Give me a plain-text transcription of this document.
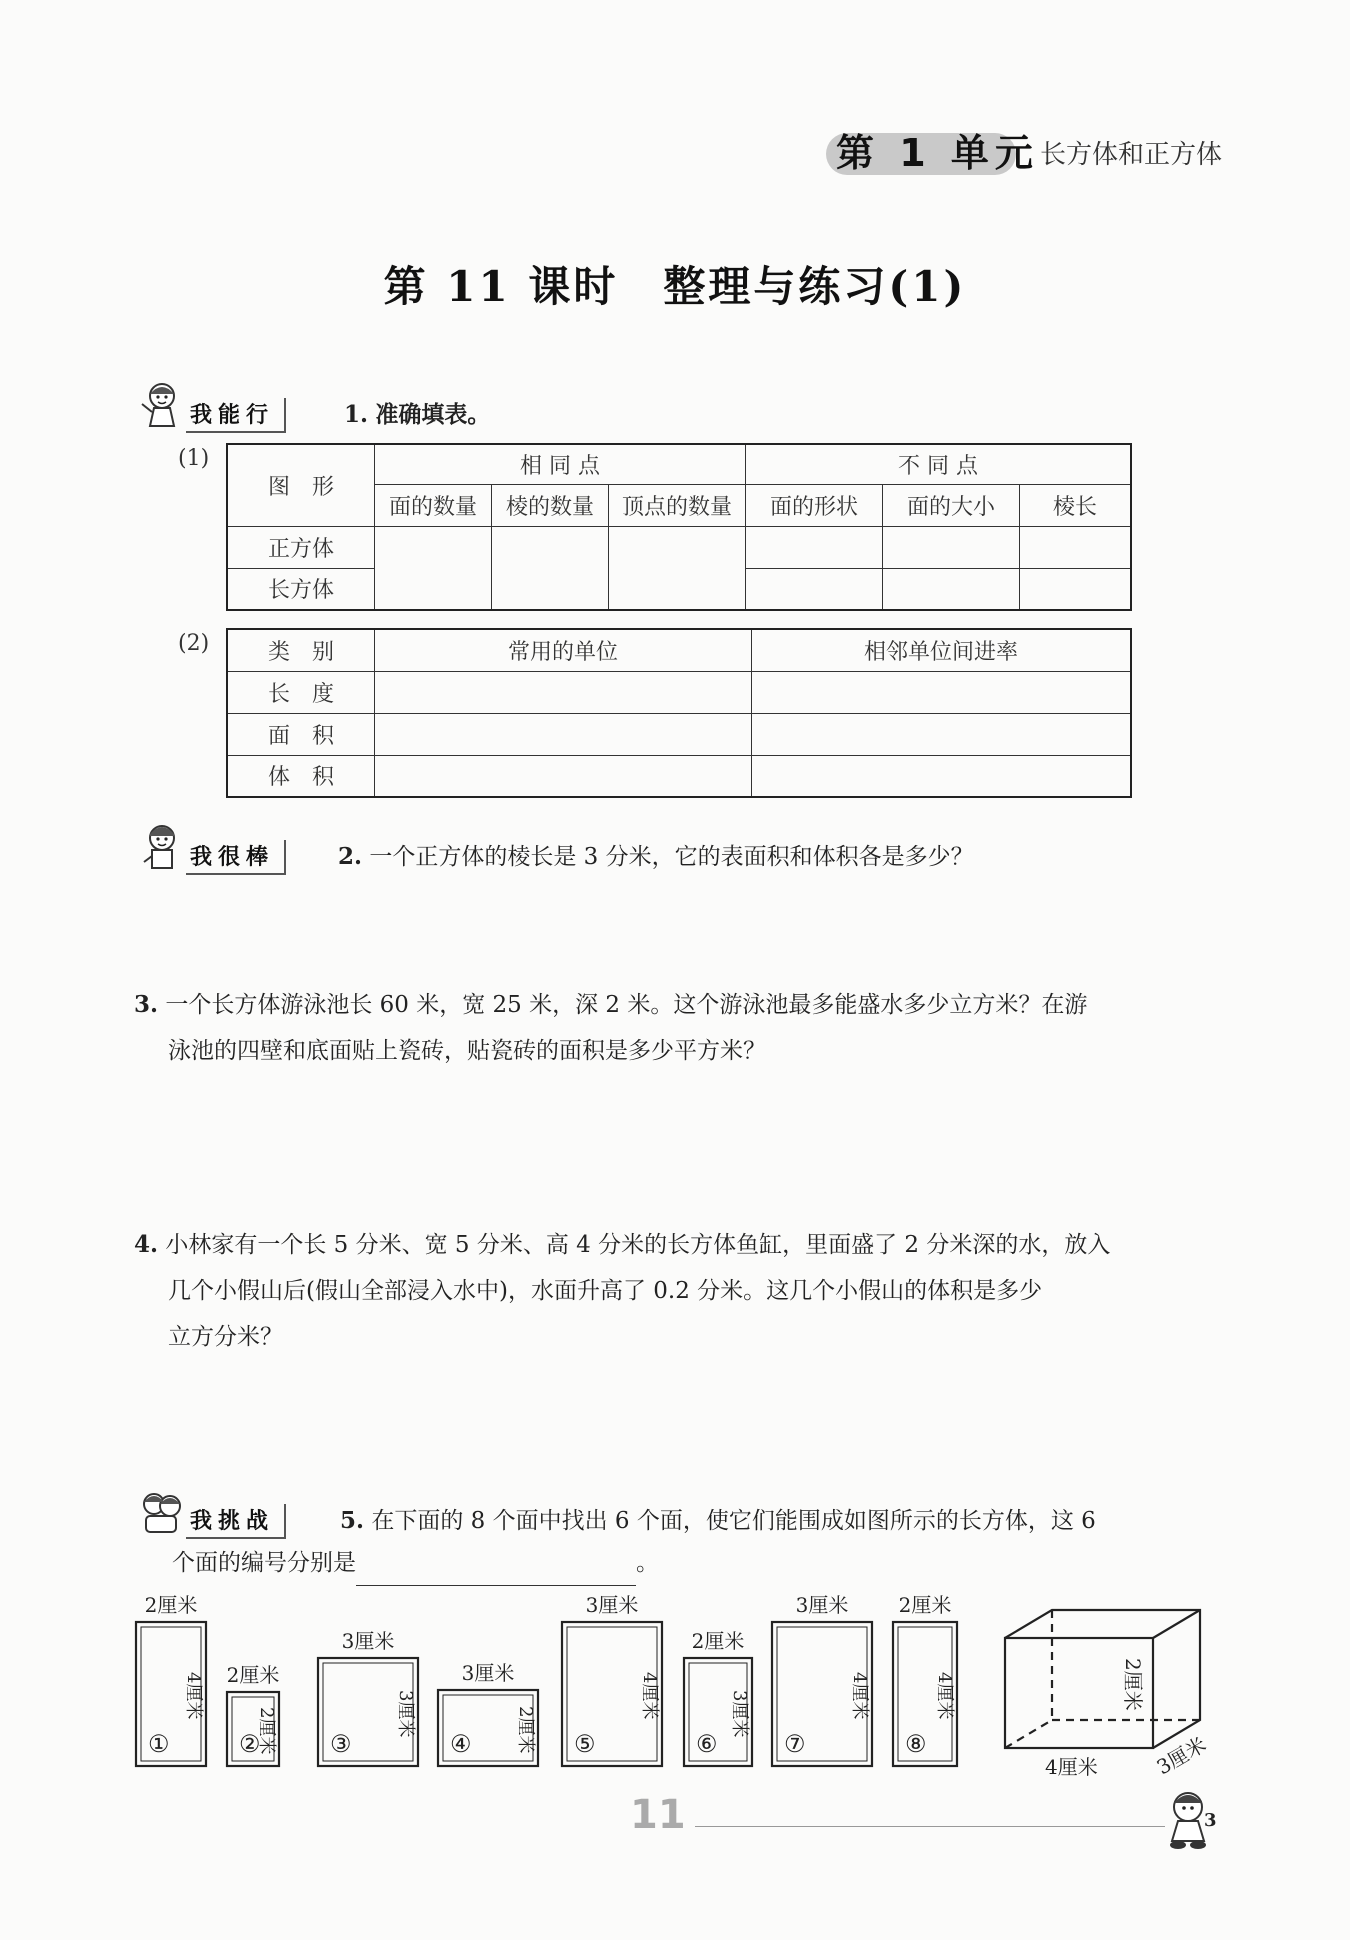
第 1 单元 长方体和正方体
第 11 课时　整理与练习(1)
我能行	1. 准确填表。
(1)
图　形	相 同 点			不 同 点		
	面的数量	棱的数量	顶点的数量	面的形状	面的大小	棱长
正方体						
长方体						
(2)	类　别	常用的单位	相邻单位间进率
长　度		
面　积		
体　积		
我很棒	2. 一个正方体的棱长是 3 分米，它的表面积和体积各是多少？
3. 一个长方体游泳池长 60 米，宽 25 米，深 2 米。这个游泳池最多能盛水多少立方米？在游
泳池的四壁和底面贴上瓷砖，贴瓷砖的面积是多少平方米？
4. 小林家有一个长 5 分米、宽 5 分米、高 4 分米的长方体鱼缸，里面盛了 2 分米深的水，放入
几个小假山后(假山全部浸入水中)，水面升高了 0.2 分米。这几个小假山的体积是多少
立方分米？
我挑战	5. 在下面的 8 个面中找出 6 个面，使它们能围成如图所示的长方体，这 6
个面的编号分别是	。
2厘米
4厘米
①
2厘米
2厘米
②
3厘米
3厘米
③
3厘米
2厘米
④
3厘米
4厘米
⑤
2厘米
3厘米
⑥
3厘米
4厘米
⑦
2厘米
4厘米
⑧
4厘米	3厘米
2厘米
11	3
